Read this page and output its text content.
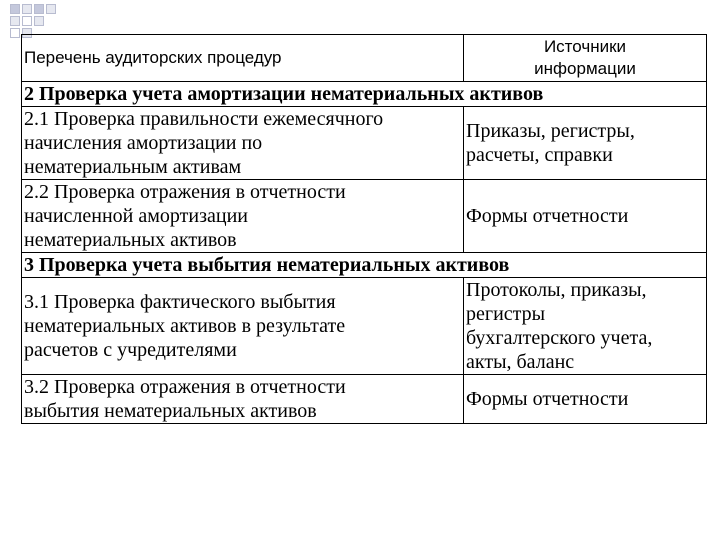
Перечень аудиторских процедур	Источники
информации

2 Проверка учета амортизации нематериальных активов	

2.1 Проверка правильности ежемесячного
начисления амортизации по
нематериальным активам	Приказы, регистры,
расчеты, справки

2.2 Проверка отражения в отчетности
начисленной амортизации
нематериальных активов	Формы отчетности

3 Проверка учета выбытия нематериальных активов	

3.1 Проверка фактического выбытия
нематериальных активов в результате
расчетов с учредителями	Протоколы, приказы,
регистры
бухгалтерского учета,
акты, баланс

3.2 Проверка отражения в отчетности
выбытия нематериальных активов	Формы отчетности
